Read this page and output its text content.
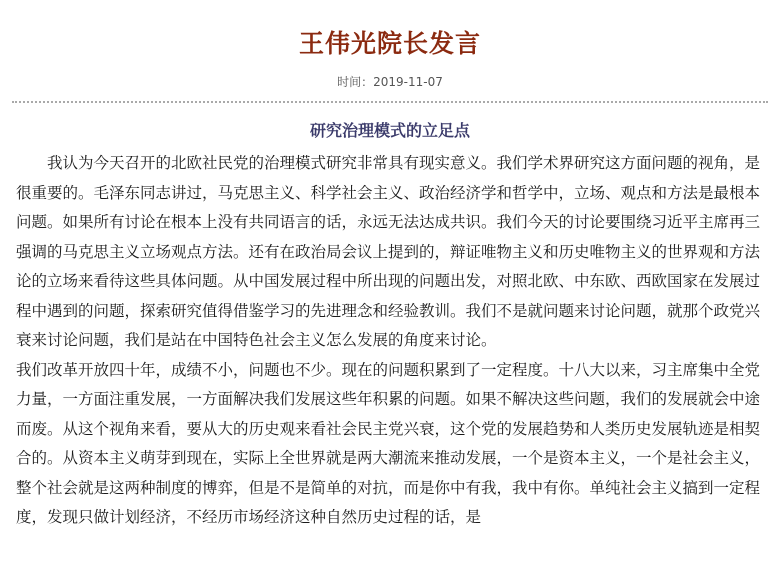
王伟光院长发言
时间：2019-11-07
研究治理模式的立足点

我认为今天召开的北欧社民党的治理模式研究非常具有现实意义。我们学术界研究这方面问题的视角，是很重要的。毛泽东同志讲过，马克思主义、科学社会主义、政治经济学和哲学中，立场、观点和方法是最根本问题。如果所有讨论在根本上没有共同语言的话，永远无法达成共识。我们今天的讨论要围绕习近平主席再三强调的马克思主义立场观点方法。还有在政治局会议上提到的，辩证唯物主义和历史唯物主义的世界观和方法论的立场来看待这些具体问题。从中国发展过程中所出现的问题出发，对照北欧、中东欧、西欧国家在发展过程中遇到的问题，探索研究值得借鉴学习的先进理念和经验教训。我们不是就问题来讨论问题，就那个政党兴衰来讨论问题，我们是站在中国特色社会主义怎么发展的角度来讨论。

我们改革开放四十年，成绩不小，问题也不少。现在的问题积累到了一定程度。十八大以来，习主席集中全党力量，一方面注重发展，一方面解决我们发展这些年积累的问题。如果不解决这些问题，我们的发展就会中途而废。从这个视角来看，要从大的历史观来看社会民主党兴衰，这个党的发展趋势和人类历史发展轨迹是相契合的。从资本主义萌芽到现在，实际上全世界就是两大潮流来推动发展，一个是资本主义，一个是社会主义，整个社会就是这两种制度的博弈，但是不是简单的对抗，而是你中有我，我中有你。单纯社会主义搞到一定程度，发现只做计划经济，不经历市场经济这种自然历史过程的话，是
